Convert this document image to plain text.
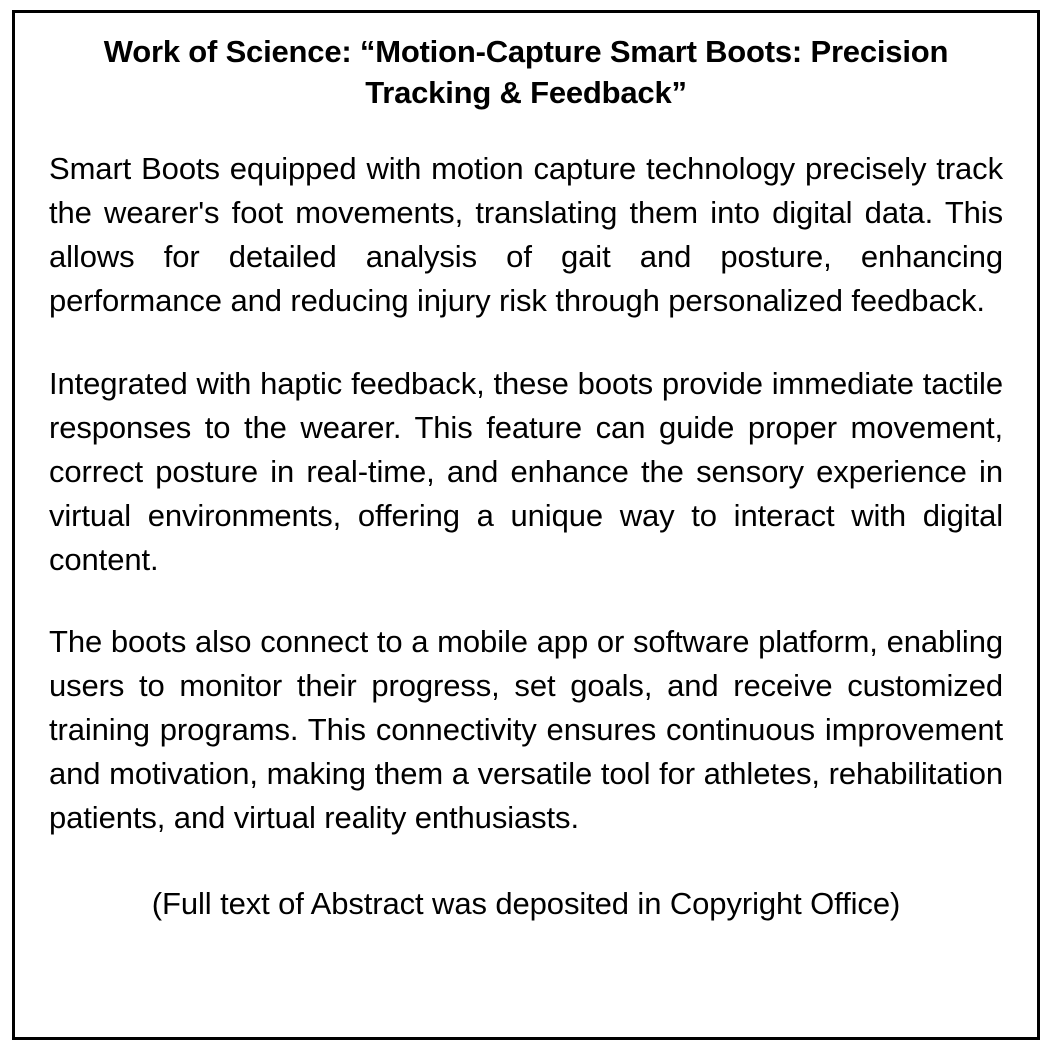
Work of Science: “Motion-Capture Smart Boots: Precision Tracking & Feedback”

Smart Boots equipped with motion capture technology precisely track the wearer's foot movements, translating them into digital data. This allows for detailed analysis of gait and posture, enhancing performance and reducing injury risk through personalized feedback.

Integrated with haptic feedback, these boots provide immediate tactile responses to the wearer. This feature can guide proper movement, correct posture in real-time, and enhance the sensory experience in virtual environments, offering a unique way to interact with digital content.

The boots also connect to a mobile app or software platform, enabling users to monitor their progress, set goals, and receive customized training programs. This connectivity ensures continuous improvement and motivation, making them a versatile tool for athletes, rehabilitation patients, and virtual reality enthusiasts.

(Full text of Abstract was deposited in Copyright Office)
